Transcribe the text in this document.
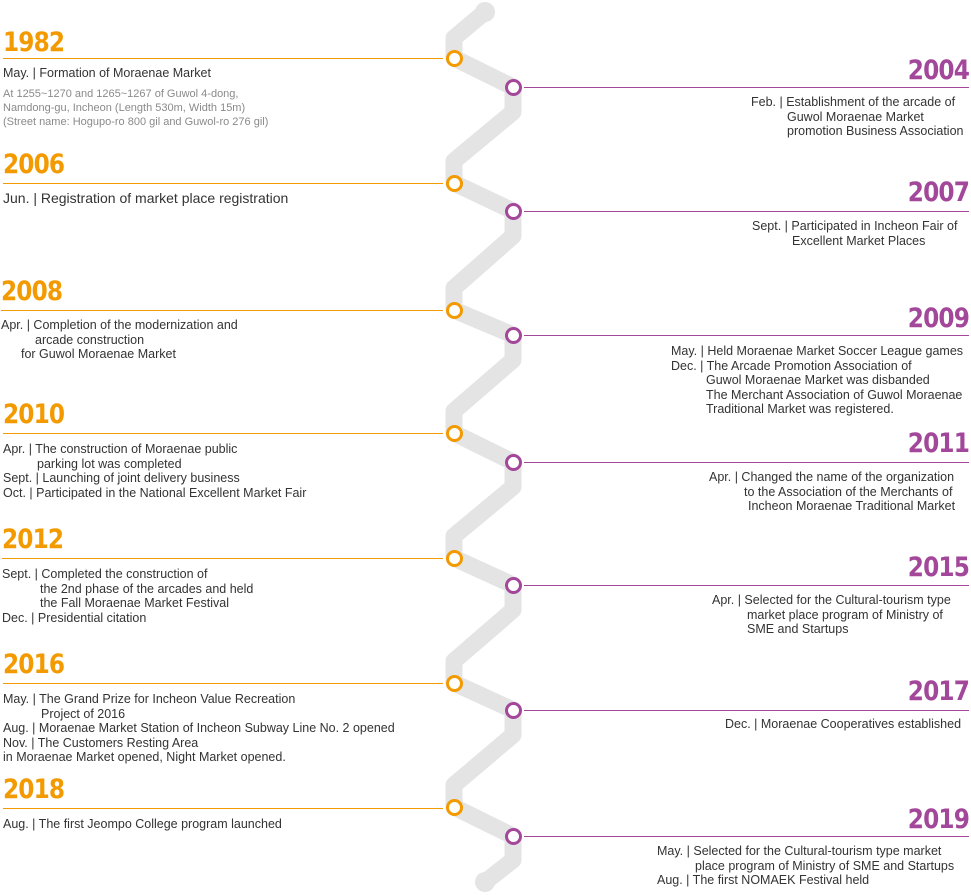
1982
May. | Formation of Moraenae Market
At 1255~1270 and 1265~1267 of Guwol 4-dong,
Namdong-gu, Incheon (Length 530m, Width 15m)
(Street name: Hogupo-ro 800 gil and Guwol-ro 276 gil)
2006
Jun. | Registration of market place registration
2008
Apr. | Completion of the modernization and
arcade construction
for Guwol Moraenae Market
2010
Apr. | The construction of Moraenae public
parking lot was completed
Sept. | Launching of joint delivery business
Oct. | Participated in the National Excellent Market Fair
2012
Sept. | Completed the construction of
the 2nd phase of the arcades and held
the Fall Moraenae Market Festival
Dec. | Presidential citation
2016
May. | The Grand Prize for Incheon Value Recreation
Project of 2016
Aug. | Moraenae Market Station of Incheon Subway Line No. 2 opened
Nov. | The Customers Resting Area
in Moraenae Market opened, Night Market opened.
2018
Aug. | The first Jeompo College program launched
2004
Feb. | Establishment of the arcade of
Guwol Moraenae Market
promotion Business Association
2007
Sept. | Participated in Incheon Fair of
Excellent Market Places
2009
May. | Held Moraenae Market Soccer League games
Dec. | The Arcade Promotion Association of
Guwol Moraenae Market was disbanded
The Merchant Association of Guwol Moraenae
Traditional Market was registered.
2011
Apr. | Changed the name of the organization
to the Association of the Merchants of
Incheon Moraenae Traditional Market
2015
Apr. | Selected for the Cultural-tourism type
market place program of Ministry of
SME and Startups
2017
Dec. | Moraenae Cooperatives established
2019
May. | Selected for the Cultural-tourism type market
place program of Ministry of SME and Startups
Aug. | The first NOMAEK Festival held
